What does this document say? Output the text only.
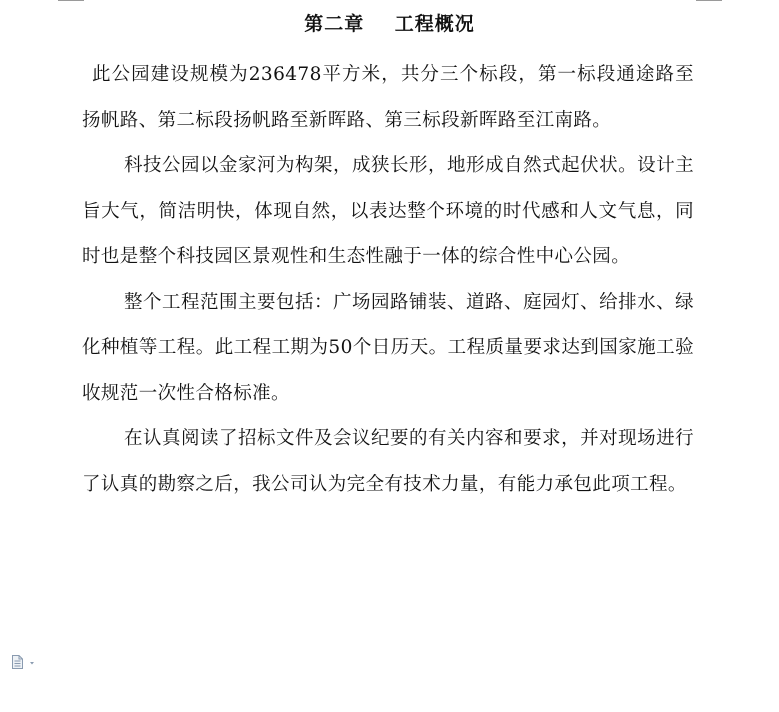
第二章    工程概况

此公园建设规模为236478平方米，共分三个标段，第一标段通途路至扬帆路、第二标段扬帆路至新晖路、第三标段新晖路至江南路。

科技公园以金家河为构架，成狭长形，地形成自然式起伏状。设计主旨大气，简洁明快，体现自然，以表达整个环境的时代感和人文气息，同时也是整个科技园区景观性和生态性融于一体的综合性中心公园。

整个工程范围主要包括：广场园路铺装、道路、庭园灯、给排水、绿化种植等工程。此工程工期为50个日历天。工程质量要求达到国家施工验收规范一次性合格标准。

在认真阅读了招标文件及会议纪要的有关内容和要求，并对现场进行了认真的勘察之后，我公司认为完全有技术力量，有能力承包此项工程。
